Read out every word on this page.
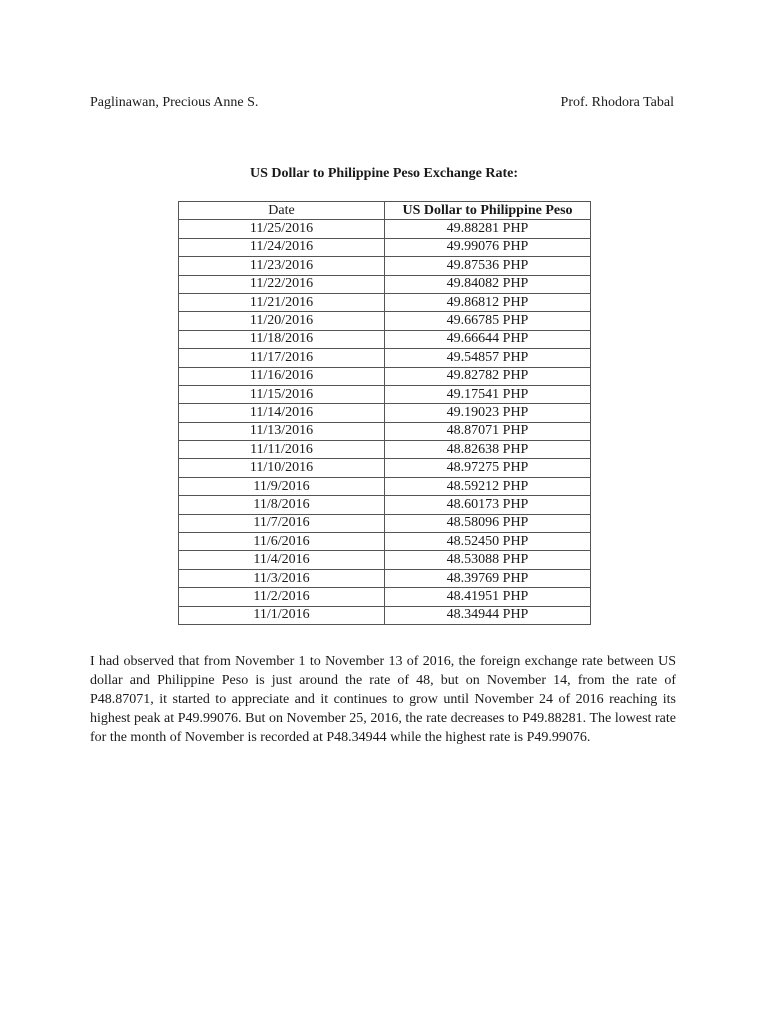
Paglinawan, Precious Anne S.	Prof. Rhodora Tabal
US Dollar to Philippine Peso Exchange Rate:
Date	US Dollar to Philippine Peso
11/25/2016	49.88281 PHP
11/24/2016	49.99076 PHP
11/23/2016	49.87536 PHP
11/22/2016	49.84082 PHP
11/21/2016	49.86812 PHP
11/20/2016	49.66785 PHP
11/18/2016	49.66644 PHP
11/17/2016	49.54857 PHP
11/16/2016	49.82782 PHP
11/15/2016	49.17541 PHP
11/14/2016	49.19023 PHP
11/13/2016	48.87071 PHP
11/11/2016	48.82638 PHP
11/10/2016	48.97275 PHP
11/9/2016	48.59212 PHP
11/8/2016	48.60173 PHP
11/7/2016	48.58096 PHP
11/6/2016	48.52450 PHP
11/4/2016	48.53088 PHP
11/3/2016	48.39769 PHP
11/2/2016	48.41951 PHP
11/1/2016	48.34944 PHP

I had observed that from November 1 to November 13 of 2016, the foreign exchange rate between US dollar and Philippine Peso is just around the rate of 48, but on November 14, from the rate of P48.87071, it started to appreciate and it continues to grow until November 24 of 2016 reaching its highest peak at P49.99076. But on November 25, 2016, the rate decreases to P49.88281. The lowest rate for the month of November is recorded at P48.34944 while the highest rate is P49.99076.
